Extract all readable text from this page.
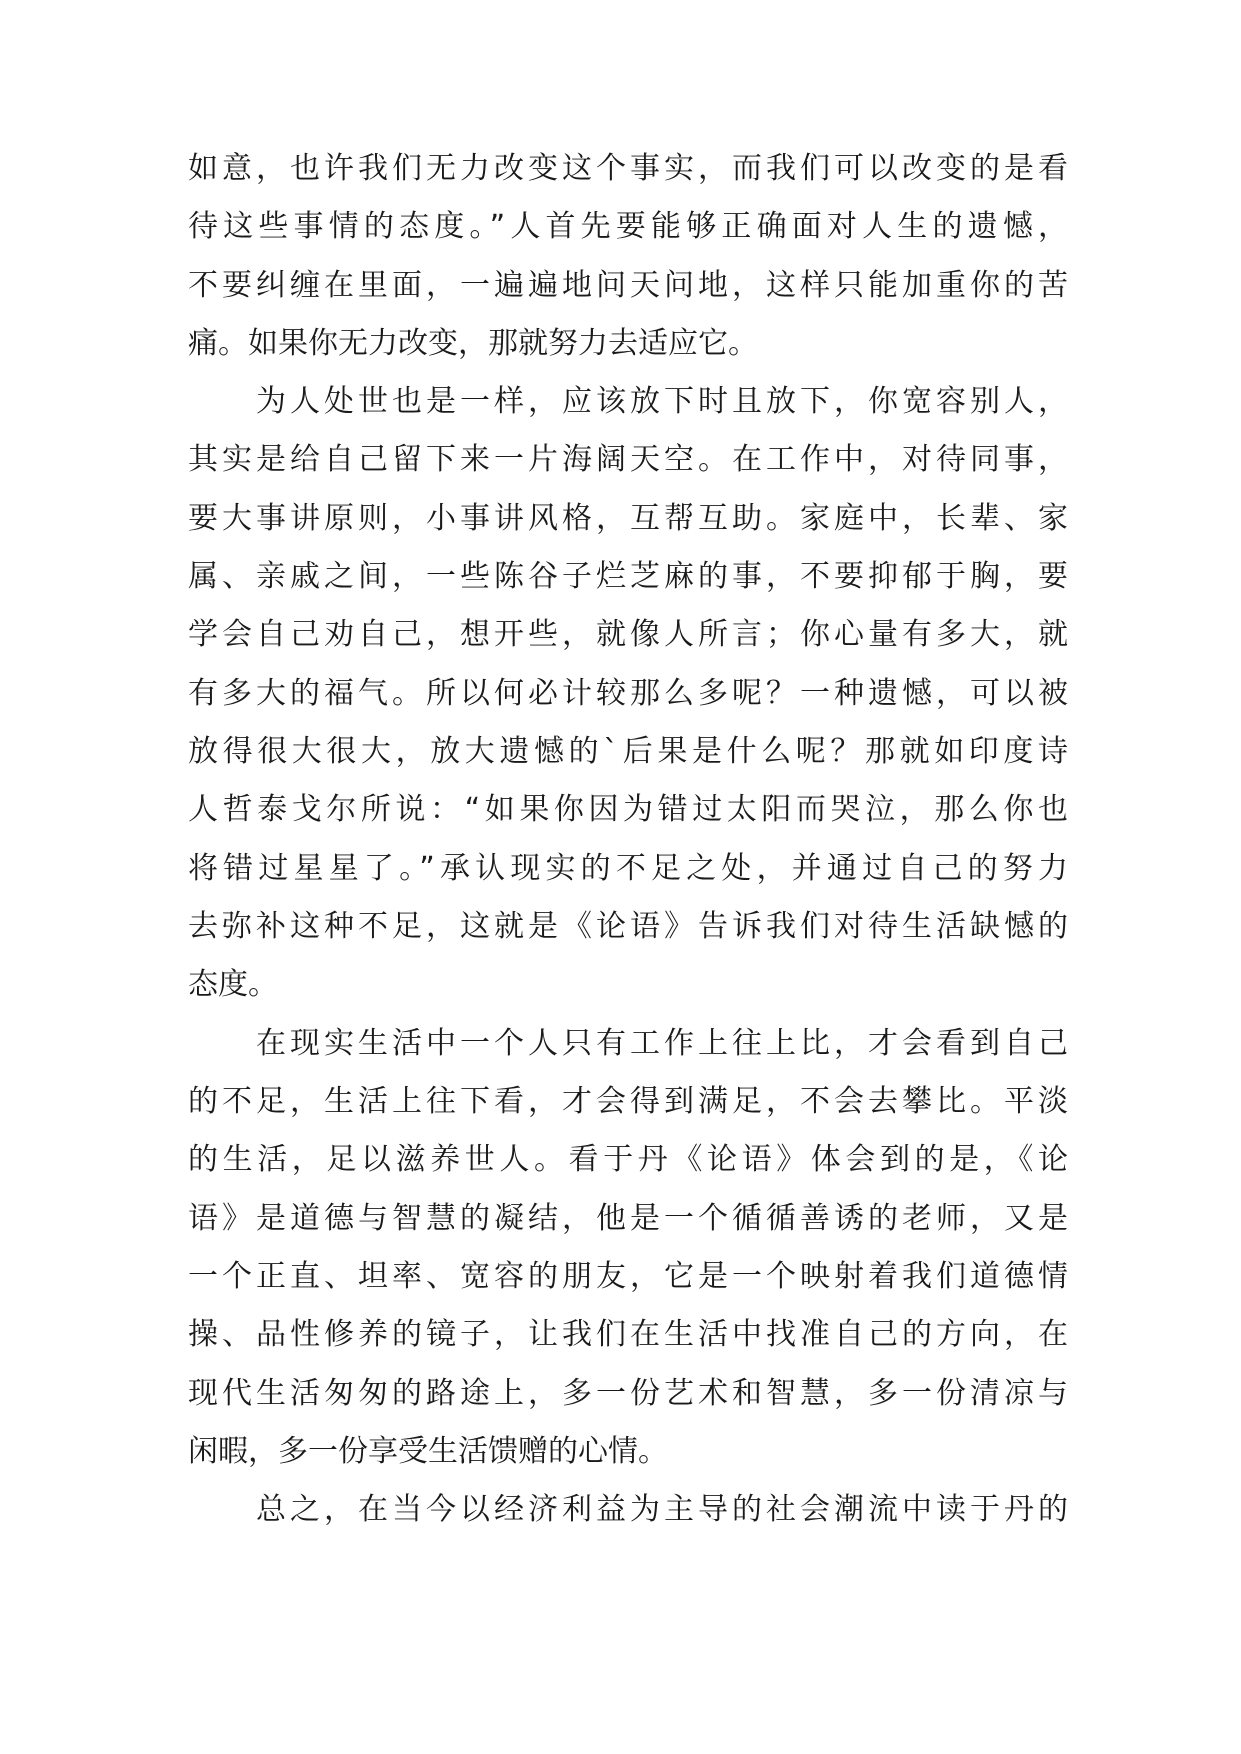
如意，也许我们无力改变这个事实，而我们可以改变的是看

待这些事情的态度。”人首先要能够正确面对人生的遗憾，

不要纠缠在里面，一遍遍地问天问地，这样只能加重你的苦

痛。如果你无力改变，那就努力去适应它。

为人处世也是一样，应该放下时且放下，你宽容别人，

其实是给自己留下来一片海阔天空。在工作中，对待同事，

要大事讲原则，小事讲风格，互帮互助。家庭中，长辈、家

属、亲戚之间，一些陈谷子烂芝麻的事，不要抑郁于胸，要

学会自己劝自己，想开些，就像人所言；你心量有多大，就

有多大的福气。所以何必计较那么多呢？一种遗憾，可以被

放得很大很大，放大遗憾的`后果是什么呢？那就如印度诗

人哲泰戈尔所说：“如果你因为错过太阳而哭泣，那么你也

将错过星星了。”承认现实的不足之处，并通过自己的努力

去弥补这种不足，这就是《论语》告诉我们对待生活缺憾的

态度。

在现实生活中一个人只有工作上往上比，才会看到自己

的不足，生活上往下看，才会得到满足，不会去攀比。平淡

的生活，足以滋养世人。看于丹《论语》体会到的是，《论

语》是道德与智慧的凝结，他是一个循循善诱的老师，又是

一个正直、坦率、宽容的朋友，它是一个映射着我们道德情

操、品性修养的镜子，让我们在生活中找准自己的方向，在

现代生活匆匆的路途上，多一份艺术和智慧，多一份清凉与

闲暇，多一份享受生活馈赠的心情。

总之，在当今以经济利益为主导的社会潮流中读于丹的
